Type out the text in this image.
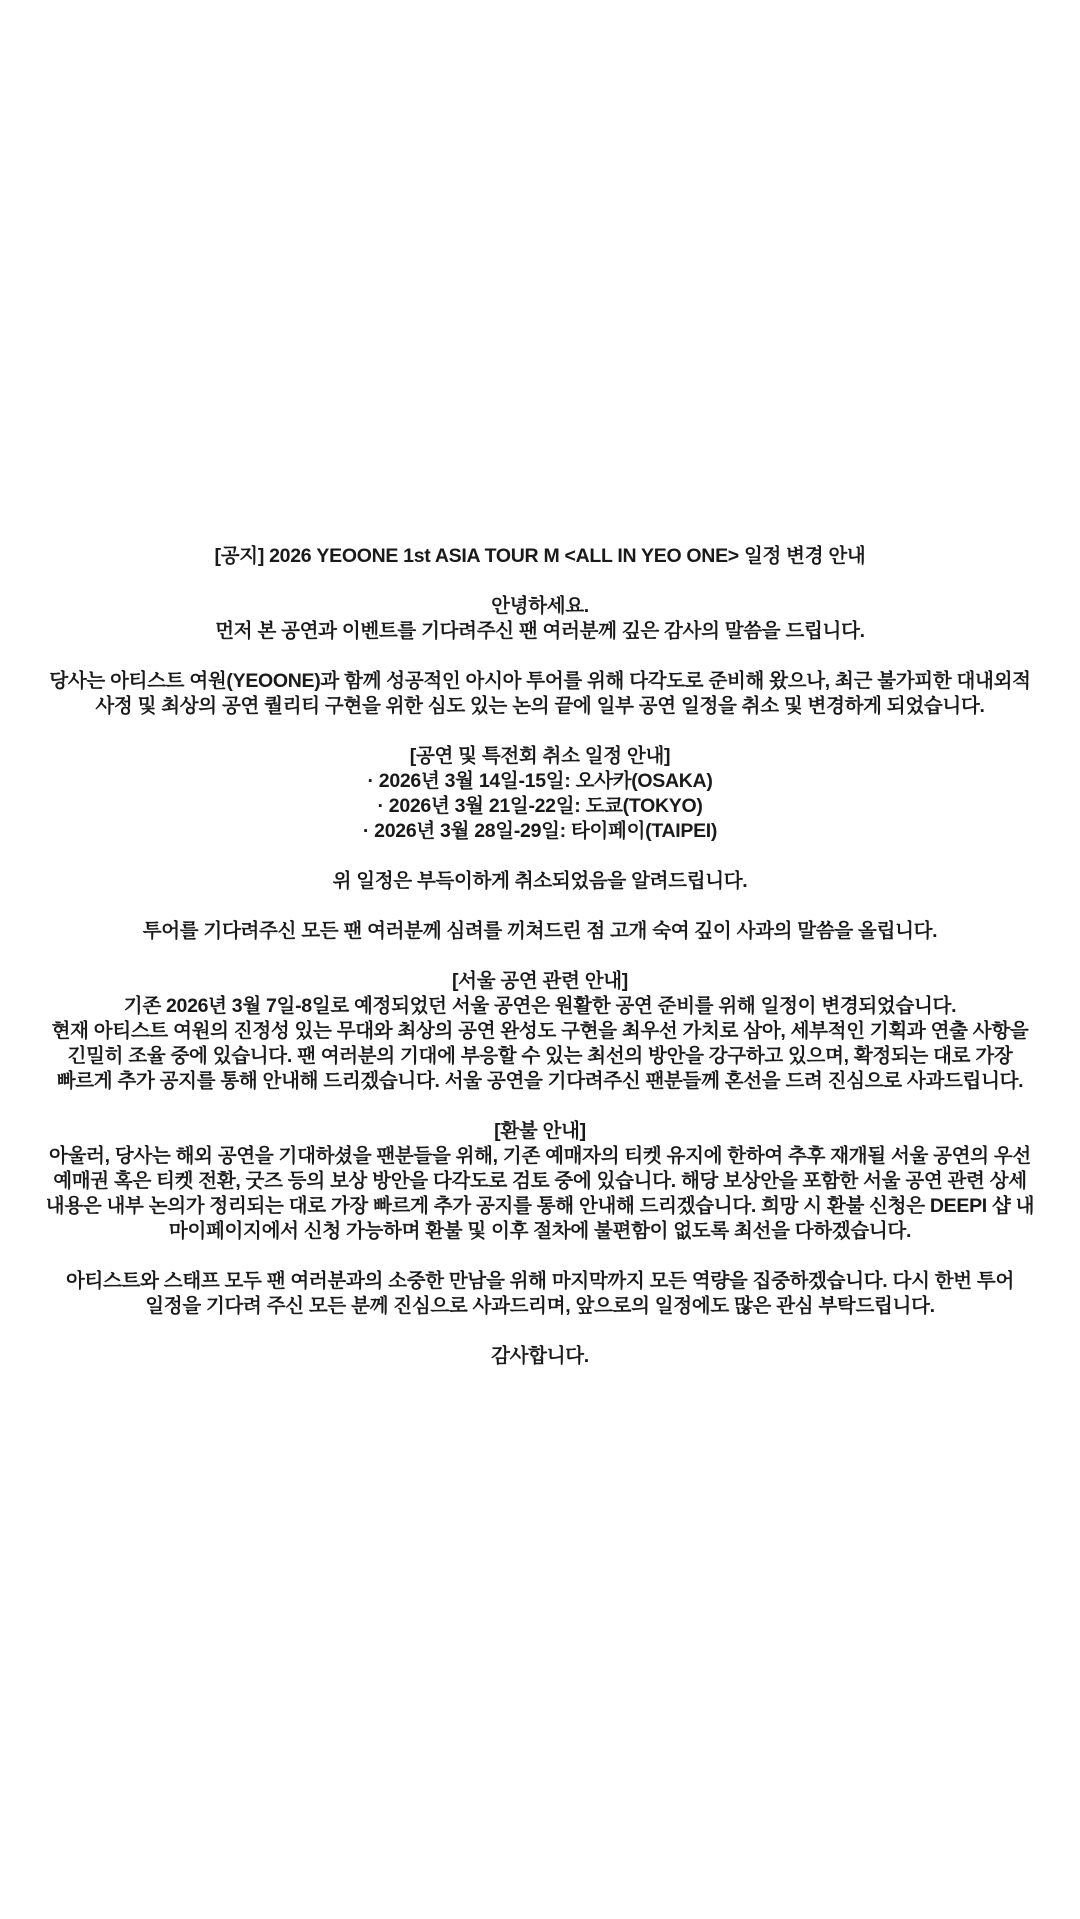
[공지] 2026 YEOONE 1st ASIA TOUR M <ALL IN YEO ONE> 일정 변경 안내
안녕하세요.
먼저 본 공연과 이벤트를 기다려주신 팬 여러분께 깊은 감사의 말씀을 드립니다.
당사는 아티스트 여원(YEOONE)과 함께 성공적인 아시아 투어를 위해 다각도로 준비해 왔으나, 최근 불가피한 대내외적
사정 및 최상의 공연 퀄리티 구현을 위한 심도 있는 논의 끝에 일부 공연 일정을 취소 및 변경하게 되었습니다.
[공연 및 특전회 취소 일정 안내]
· 2026년 3월 14일-15일: 오사카(OSAKA)
· 2026년 3월 21일-22일: 도쿄(TOKYO)
· 2026년 3월 28일-29일: 타이페이(TAIPEI)
위 일정은 부득이하게 취소되었음을 알려드립니다.
투어를 기다려주신 모든 팬 여러분께 심려를 끼쳐드린 점 고개 숙여 깊이 사과의 말씀을 올립니다.
[서울 공연 관련 안내]
기존 2026년 3월 7일-8일로 예정되었던 서울 공연은 원활한 공연 준비를 위해 일정이 변경되었습니다.
현재 아티스트 여원의 진정성 있는 무대와 최상의 공연 완성도 구현을 최우선 가치로 삼아, 세부적인 기획과 연출 사항을
긴밀히 조율 중에 있습니다. 팬 여러분의 기대에 부응할 수 있는 최선의 방안을 강구하고 있으며, 확정되는 대로 가장
빠르게 추가 공지를 통해 안내해 드리겠습니다. 서울 공연을 기다려주신 팬분들께 혼선을 드려 진심으로 사과드립니다.
[환불 안내]
아울러, 당사는 해외 공연을 기대하셨을 팬분들을 위해, 기존 예매자의 티켓 유지에 한하여 추후 재개될 서울 공연의 우선
예매권 혹은 티켓 전환, 굿즈 등의 보상 방안을 다각도로 검토 중에 있습니다. 해당 보상안을 포함한 서울 공연 관련 상세
내용은 내부 논의가 정리되는 대로 가장 빠르게 추가 공지를 통해 안내해 드리겠습니다. 희망 시 환불 신청은 DEEPI 샵 내
마이페이지에서 신청 가능하며 환불 및 이후 절차에 불편함이 없도록 최선을 다하겠습니다.
아티스트와 스태프 모두 팬 여러분과의 소중한 만남을 위해 마지막까지 모든 역량을 집중하겠습니다. 다시 한번 투어
일정을 기다려 주신 모든 분께 진심으로 사과드리며, 앞으로의 일정에도 많은 관심 부탁드립니다.
감사합니다.
